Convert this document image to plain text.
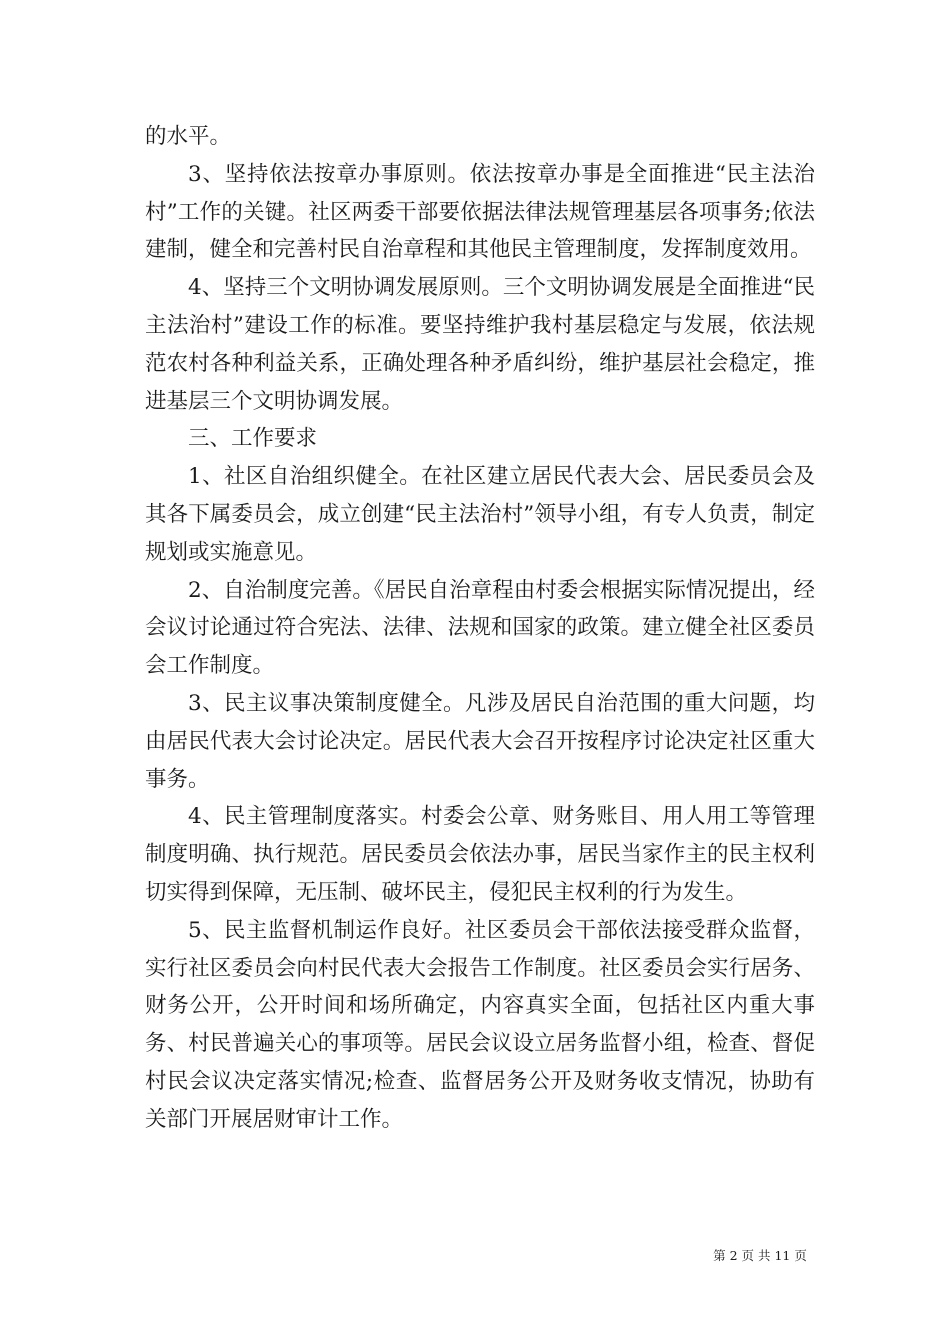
的水平。

3、坚持依法按章办事原则。依法按章办事是全面推进“民主法治村”工作的关键。社区两委干部要依据法律法规管理基层各项事务;依法建制，健全和完善村民自治章程和其他民主管理制度，发挥制度效用。

4、坚持三个文明协调发展原则。三个文明协调发展是全面推进“民主法治村”建设工作的标准。要坚持维护我村基层稳定与发展，依法规范农村各种利益关系，正确处理各种矛盾纠纷，维护基层社会稳定，推进基层三个文明协调发展。

三、工作要求

1、社区自治组织健全。在社区建立居民代表大会、居民委员会及其各下属委员会，成立创建“民主法治村”领导小组，有专人负责，制定规划或实施意见。

2、自治制度完善。《居民自治章程由村委会根据实际情况提出，经会议讨论通过符合宪法、法律、法规和国家的政策。建立健全社区委员会工作制度。

3、民主议事决策制度健全。凡涉及居民自治范围的重大问题，均由居民代表大会讨论决定。居民代表大会召开按程序讨论决定社区重大事务。

4、民主管理制度落实。村委会公章、财务账目、用人用工等管理制度明确、执行规范。居民委员会依法办事，居民当家作主的民主权利切实得到保障，无压制、破坏民主，侵犯民主权利的行为发生。

5、民主监督机制运作良好。社区委员会干部依法接受群众监督，实行社区委员会向村民代表大会报告工作制度。社区委员会实行居务、财务公开，公开时间和场所确定，内容真实全面，包括社区内重大事务、村民普遍关心的事项等。居民会议设立居务监督小组，检查、督促村民会议决定落实情况;检查、监督居务公开及财务收支情况，协助有关部门开展居财审计工作。

第 2 页 共 11 页
